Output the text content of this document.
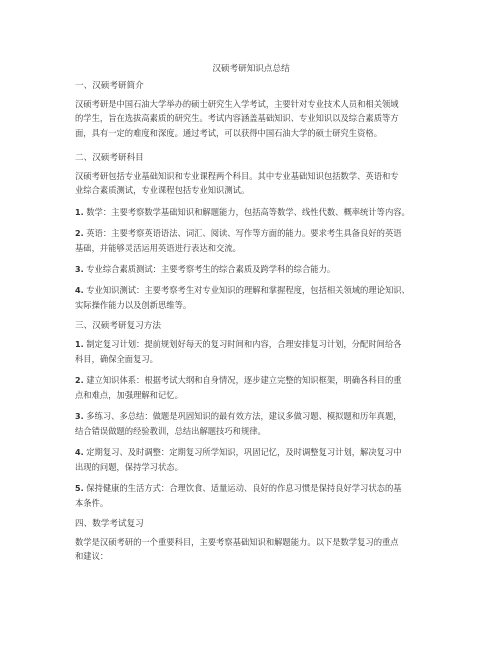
汉硕考研知识点总结
一、汉硕考研简介
汉硕考研是中国石油大学举办的硕士研究生入学考试，主要针对专业技术人员和相关领域
的学生，旨在选拔高素质的研究生。考试内容涵盖基础知识、专业知识以及综合素质等方
面，具有一定的难度和深度。通过考试，可以获得中国石油大学的硕士研究生资格。
二、汉硕考研科目
汉硕考研包括专业基础知识和专业课程两个科目。其中专业基础知识包括数学、英语和专
业综合素质测试，专业课程包括专业知识测试。
1. 数学：主要考察数学基础知识和解题能力，包括高等数学、线性代数、概率统计等内容。
2. 英语：主要考察英语语法、词汇、阅读、写作等方面的能力。要求考生具备良好的英语
基础，并能够灵活运用英语进行表达和交流。
3. 专业综合素质测试：主要考察考生的综合素质及跨学科的综合能力。
4. 专业知识测试：主要考察考生对专业知识的理解和掌握程度，包括相关领域的理论知识、
实际操作能力以及创新思维等。
三、汉硕考研复习方法
1. 制定复习计划：提前规划好每天的复习时间和内容，合理安排复习计划，分配时间给各
科目，确保全面复习。
2. 建立知识体系：根据考试大纲和自身情况，逐步建立完整的知识框架，明确各科目的重
点和难点，加强理解和记忆。
3. 多练习、多总结：做题是巩固知识的最有效方法，建议多做习题、模拟题和历年真题，
结合错误做题的经验教训，总结出解题技巧和规律。
4. 定期复习、及时调整：定期复习所学知识，巩固记忆，及时调整复习计划，解决复习中
出现的问题，保持学习状态。
5. 保持健康的生活方式：合理饮食、适量运动、良好的作息习惯是保持良好学习状态的基
本条件。
四、数学考试复习
数学是汉硕考研的一个重要科目，主要考察基础知识和解题能力。以下是数学复习的重点
和建议：
